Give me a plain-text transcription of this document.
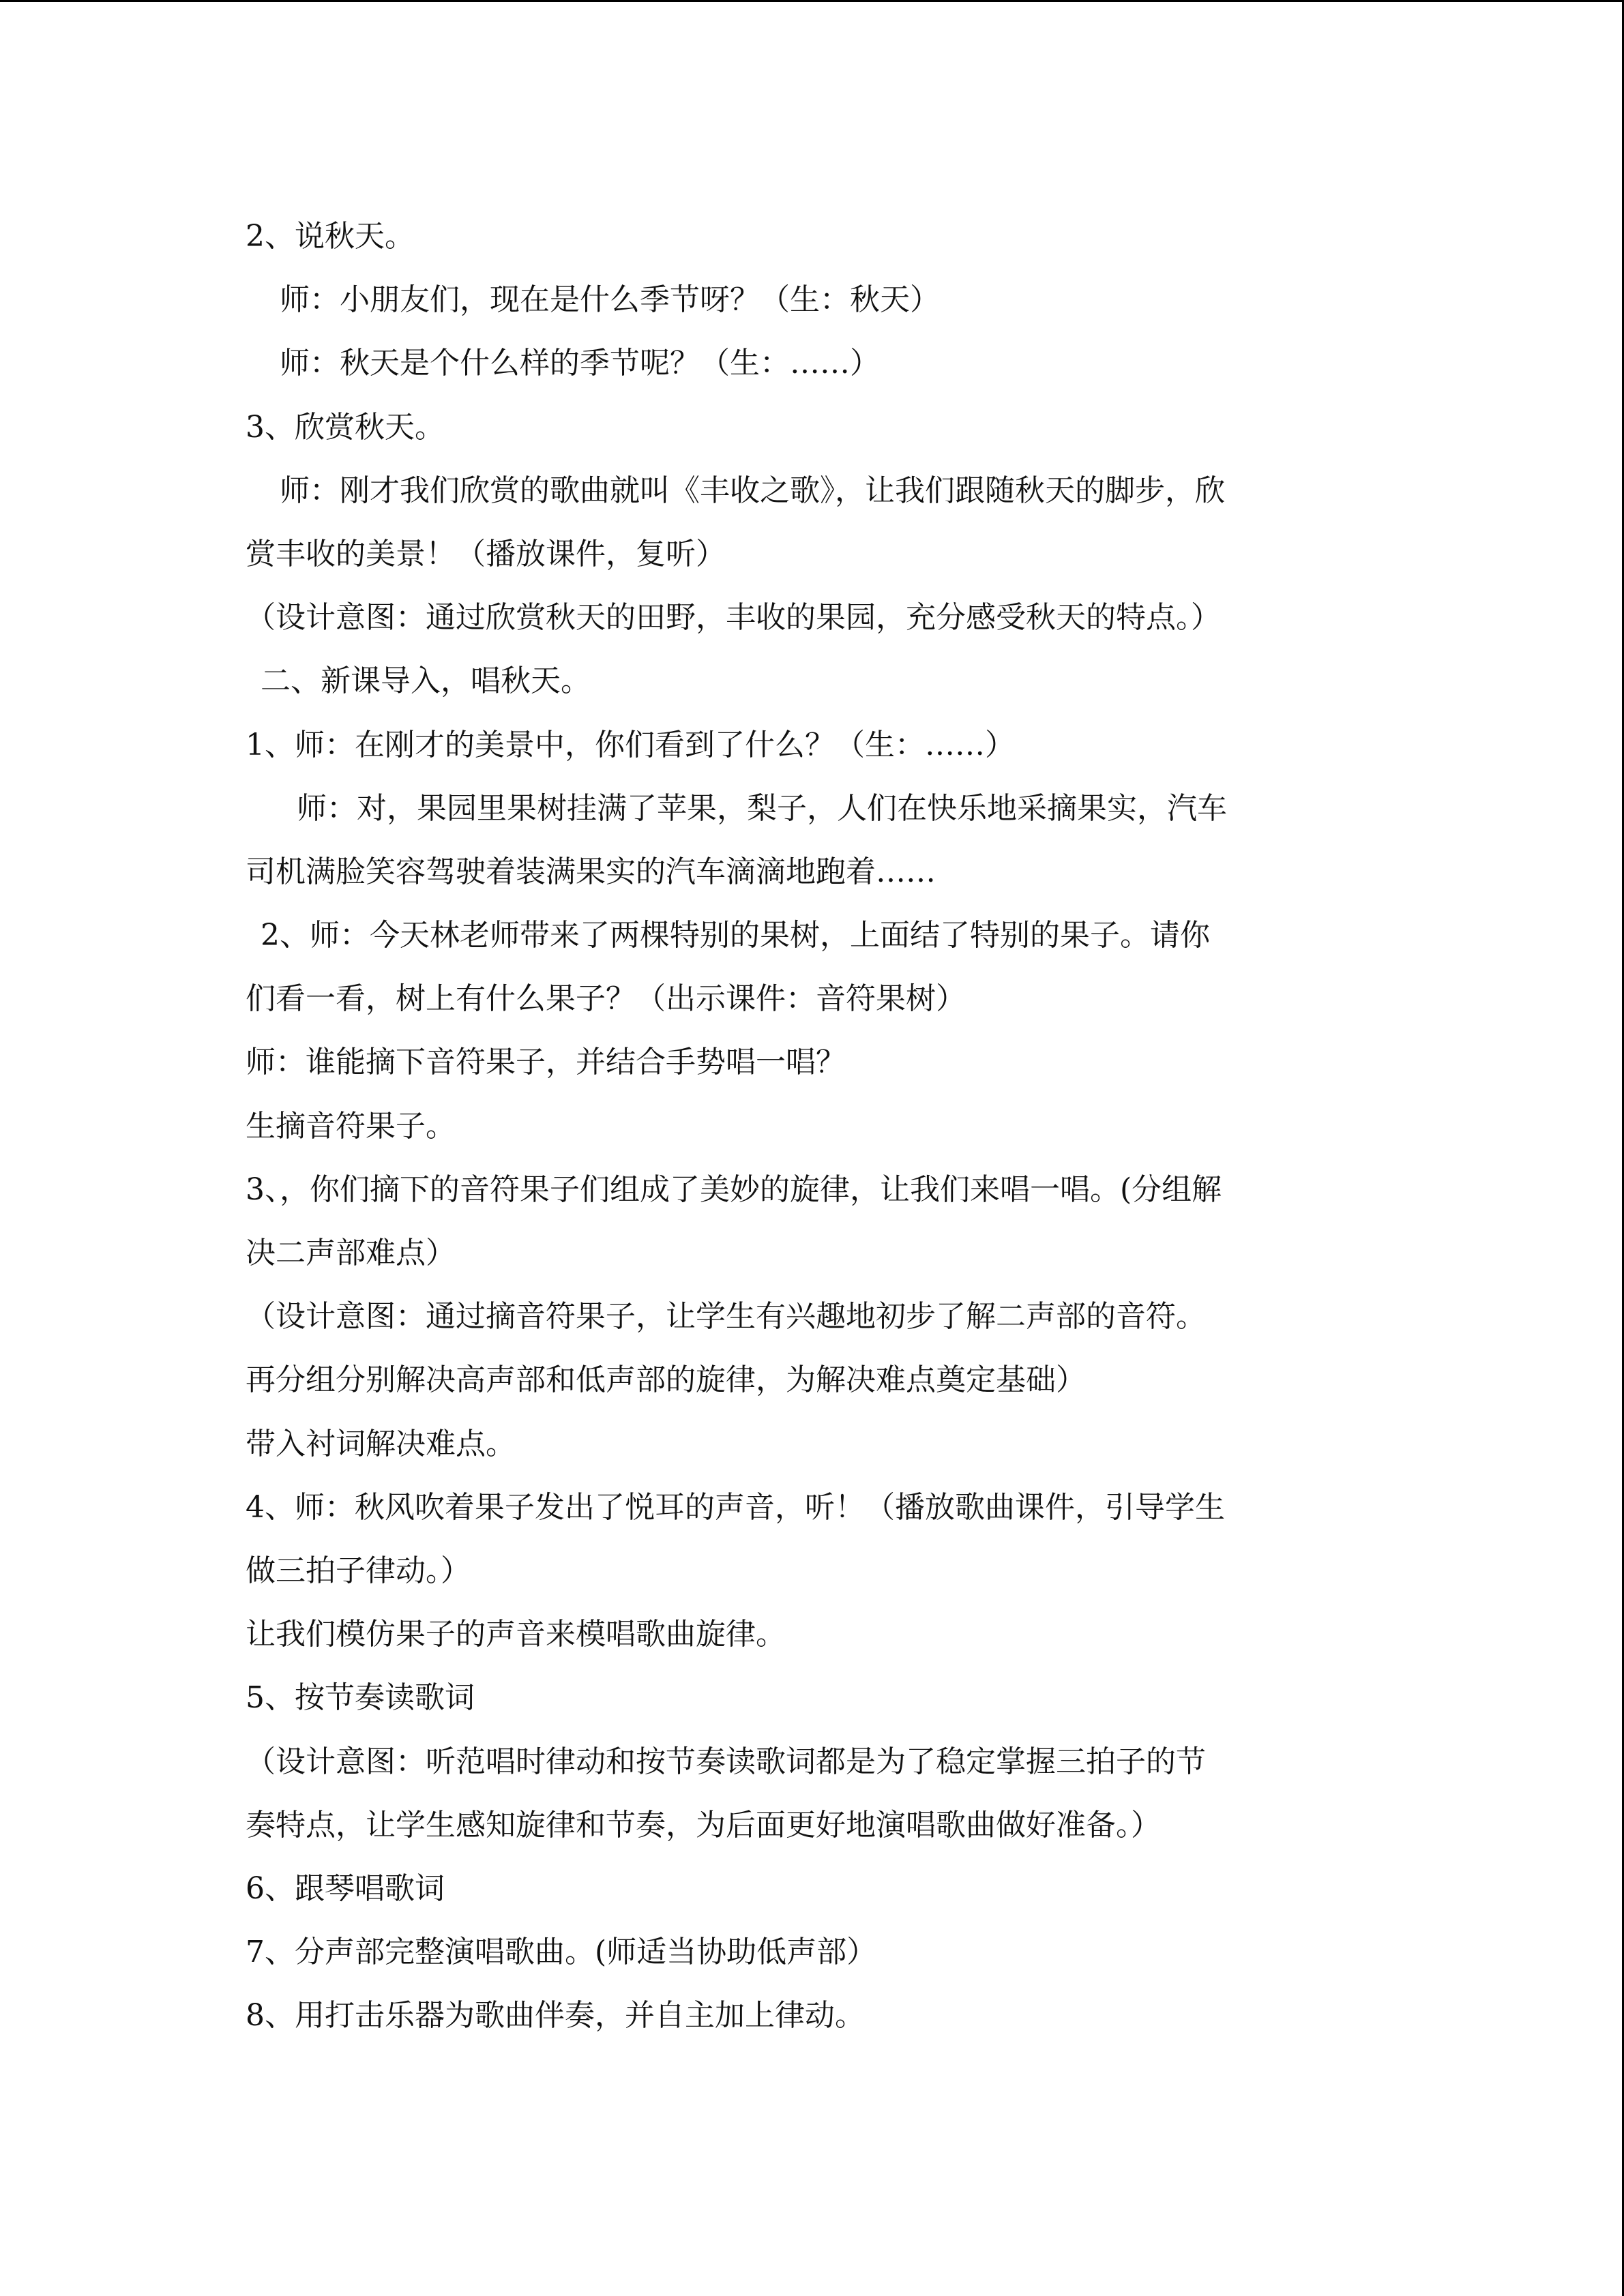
2、说秋天。
师：小朋友们，现在是什么季节呀？（生：秋天）
师：秋天是个什么样的季节呢？（生：……）
3、欣赏秋天。
师：刚才我们欣赏的歌曲就叫《丰收之歌》，让我们跟随秋天的脚步，欣
赏丰收的美景！（播放课件，复听）
（设计意图：通过欣赏秋天的田野，丰收的果园，充分感受秋天的特点。）
二、新课导入，唱秋天。
1、师：在刚才的美景中，你们看到了什么？（生：……）
师：对，果园里果树挂满了苹果，梨子，人们在快乐地采摘果实，汽车
司机满脸笑容驾驶着装满果实的汽车滴滴地跑着……
2、师：今天林老师带来了两棵特别的果树，上面结了特别的果子。请你
们看一看，树上有什么果子？（出示课件：音符果树）
师：谁能摘下音符果子，并结合手势唱一唱？
生摘音符果子。
3、，你们摘下的音符果子们组成了美妙的旋律，让我们来唱一唱。(分组解
决二声部难点）
（设计意图：通过摘音符果子，让学生有兴趣地初步了解二声部的音符。
再分组分别解决高声部和低声部的旋律，为解决难点奠定基础）
带入衬词解决难点。
4、师：秋风吹着果子发出了悦耳的声音，听！（播放歌曲课件，引导学生
做三拍子律动。）
让我们模仿果子的声音来模唱歌曲旋律。
5、按节奏读歌词
（设计意图：听范唱时律动和按节奏读歌词都是为了稳定掌握三拍子的节
奏特点，让学生感知旋律和节奏，为后面更好地演唱歌曲做好准备。）
6、跟琴唱歌词
7、分声部完整演唱歌曲。(师适当协助低声部）
8、用打击乐器为歌曲伴奏，并自主加上律动。
